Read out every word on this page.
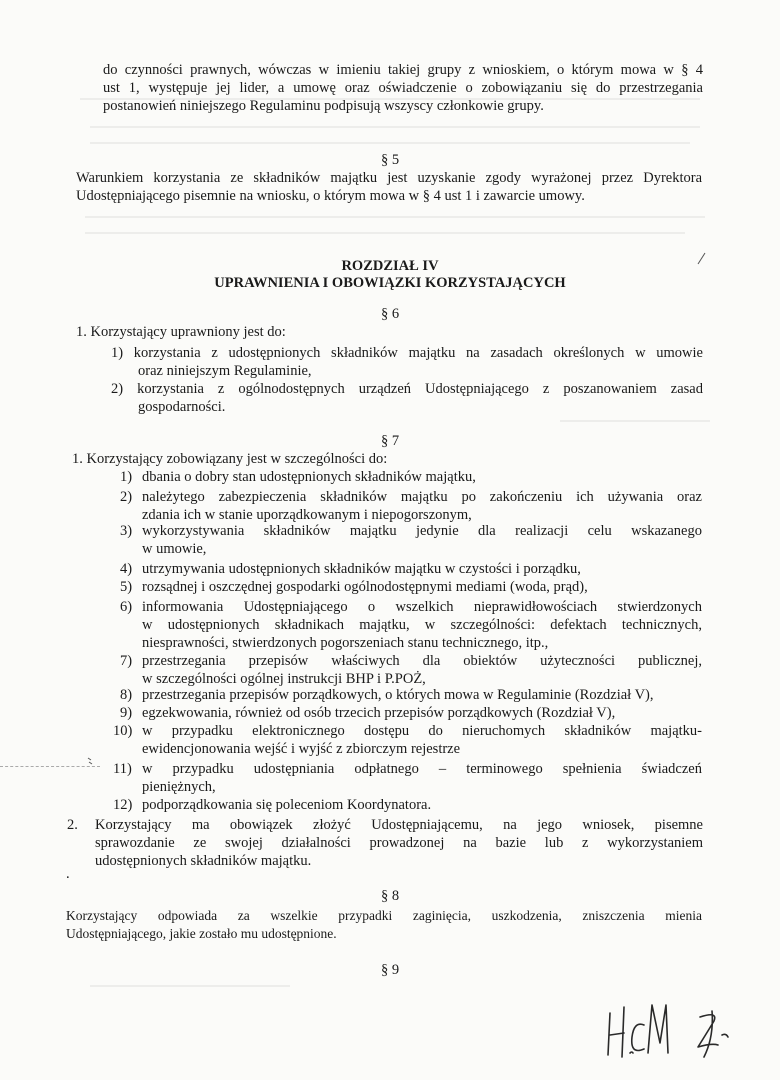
do czynności prawnych, wówczas w imieniu takiej grupy z wnioskiem, o którym mowa w § 4
ust 1, występuje jej lider, a umowę oraz oświadczenie o zobowiązaniu się do przestrzegania
postanowień niniejszego Regulaminu podpisują wszyscy członkowie grupy.
§ 5
Warunkiem korzystania ze składników majątku jest uzyskanie zgody wyrażonej przez Dyrektora
Udostępniającego pisemnie na wniosku, o którym mowa w § 4 ust 1 i zawarcie umowy.
ROZDZIAŁ IV
UPRAWNIENIA I OBOWIĄZKI KORZYSTAJĄCYCH
§ 6
1. Korzystający uprawniony jest do:
1) korzystania z udostępnionych składników majątku na zasadach określonych w umowie
oraz niniejszym Regulaminie,
2) korzystania z ogólnodostępnych urządzeń Udostępniającego z poszanowaniem zasad
gospodarności.
§ 7
1. Korzystający zobowiązany jest w szczególności do:
1) dbania o dobry stan udostępnionych składników majątku,
2) należytego zabezpieczenia składników majątku po zakończeniu ich używania oraz
zdania ich w stanie uporządkowanym i niepogorszonym,
3) wykorzystywania składników majątku jedynie dla realizacji celu wskazanego
w umowie,
4) utrzymywania udostępnionych składników majątku w czystości i porządku,
5) rozsądnej i oszczędnej gospodarki ogólnodostępnymi mediami (woda, prąd),
6) informowania Udostępniającego o wszelkich nieprawidłowościach stwierdzonych
w udostępnionych składnikach majątku, w szczególności: defektach technicznych,
niesprawności, stwierdzonych pogorszeniach stanu technicznego, itp.,
7) przestrzegania przepisów właściwych dla obiektów użyteczności publicznej,
w szczególności ogólnej instrukcji BHP i P.POŻ,
8) przestrzegania przepisów porządkowych, o których mowa w Regulaminie (Rozdział V),
9) egzekwowania, również od osób trzecich przepisów porządkowych (Rozdział V),
10) w przypadku elektronicznego dostępu do nieruchomych składników majątku-
ewidencjonowania wejść i wyjść z zbiorczym rejestrze
11) w przypadku udostępniania odpłatnego – terminowego spełnienia świadczeń
pieniężnych,
12) podporządkowania się poleceniom Koordynatora.
2. Korzystający ma obowiązek złożyć Udostępniającemu, na jego wniosek, pisemne
sprawozdanie ze swojej działalności prowadzonej na bazie lub z wykorzystaniem
udostępnionych składników majątku.
.
§ 8
Korzystający odpowiada za wszelkie przypadki zaginięcia, uszkodzenia, zniszczenia mienia
Udostępniającego, jakie zostało mu udostępnione.
§ 9
